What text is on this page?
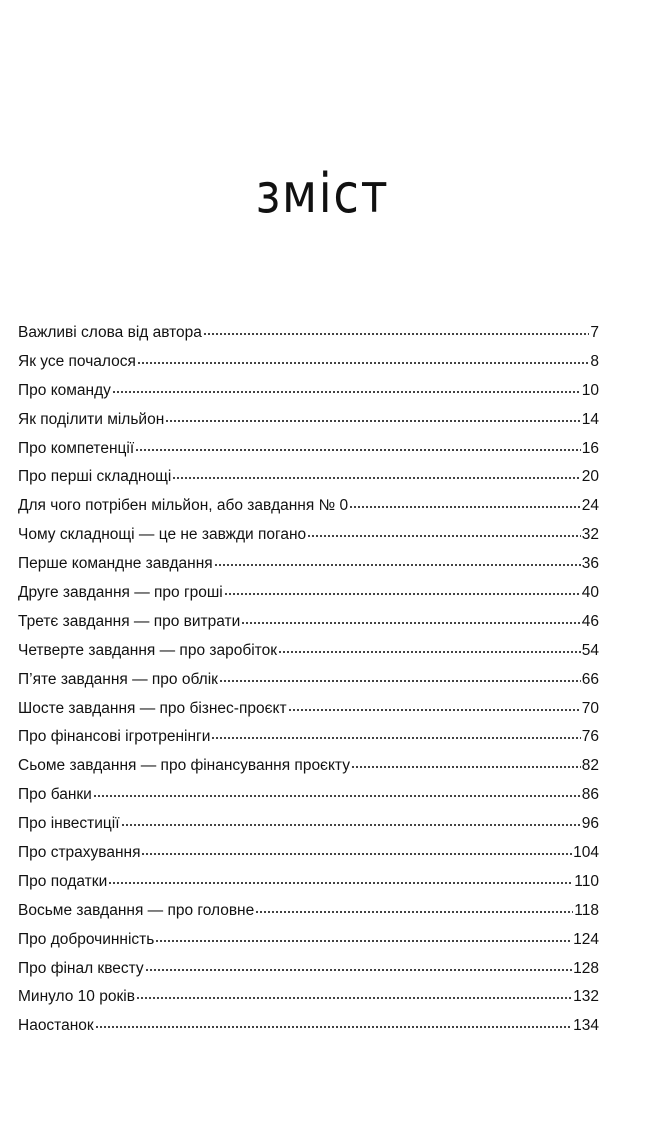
зміст
Важливі слова від автора	7
Як усе почалося	8
Про команду	10
Як поділити мільйон	14
Про компетенції	16
Про перші складнощі	20
Для чого потрібен мільйон, або завдання № 0	24
Чому складнощі — це не завжди погано	32
Перше командне завдання	36
Друге завдання — про гроші	40
Третє завдання — про витрати	46
Четверте завдання — про заробіток	54
П’яте завдання — про облік	66
Шосте завдання — про бізнес-проєкт	70
Про фінансові ігротренінги	76
Сьоме завдання — про фінансування проєкту	82
Про банки	86
Про інвестиції	96
Про страхування	104
Про податки	110
Восьме завдання — про головне	118
Про доброчинність	124
Про фінал квесту	128
Минуло 10 років	132
Наостанок	134
